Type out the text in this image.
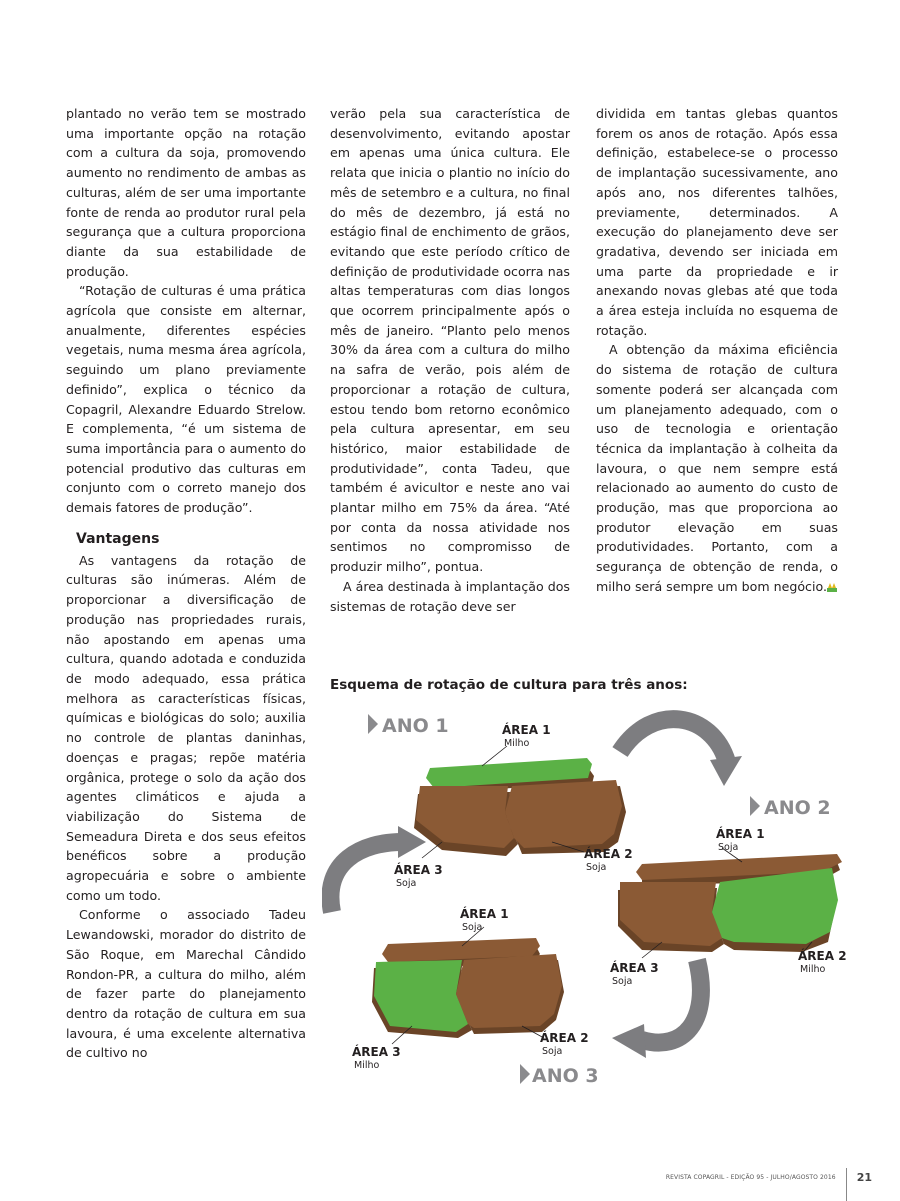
plantado no verão tem se mostrado uma importante opção na rotação com a cultura da soja, promovendo aumento no rendimento de ambas as culturas, além de ser uma importante fonte de renda ao produtor rural pela segurança que a cultura proporciona diante da sua estabilidade de produção.

“Rotação de culturas é uma prática agrícola que consiste em alternar, anualmente, diferentes espécies vegetais, numa mesma área agrícola, seguindo um plano previamente definido”, explica o técnico da Copagril, Alexandre Eduardo Strelow. E complementa, “é um sistema de suma importância para o aumento do potencial produtivo das culturas em conjunto com o correto manejo dos demais fatores de produção”.

Vantagens

As vantagens da rotação de culturas são inúmeras. Além de proporcionar a diversificação de produção nas propriedades rurais, não apostando em apenas uma cultura, quando adotada e conduzida de modo adequado, essa prática melhora as características físicas, químicas e biológicas do solo; auxilia no controle de plantas daninhas, doenças e pragas; repõe matéria orgânica, protege o solo da ação dos agentes climáticos e ajuda a viabilização do Sistema de Semeadura Direta e dos seus efeitos benéficos sobre a produção agropecuária e sobre o ambiente como um todo.

Conforme o associado Tadeu Lewandowski, morador do distrito de São Roque, em Marechal Cândido Rondon-PR, a cultura do milho, além de fazer parte do planejamento dentro da rotação de cultura em sua lavoura, é uma excelente alternativa de cultivo no

verão pela sua característica de desenvolvimento, evitando apostar em apenas uma única cultura. Ele relata que inicia o plantio no início do mês de setembro e a cultura, no final do mês de dezembro, já está no estágio final de enchimento de grãos, evitando que este período crítico de definição de produtividade ocorra nas altas temperaturas com dias longos que ocorrem principalmente após o mês de janeiro. “Planto pelo menos 30% da área com a cultura do milho na safra de verão, pois além de proporcionar a rotação de cultura, estou tendo bom retorno econômico pela cultura apresentar, em seu histórico, maior estabilidade de produtividade”, conta Tadeu, que também é avicultor e neste ano vai plantar milho em 75% da área. “Até por conta da nossa atividade nos sentimos no compromisso de produzir milho”, pontua.

A área destinada à implantação dos sistemas de rotação deve ser

dividida em tantas glebas quantos forem os anos de rotação. Após essa definição, estabelece-se o processo de implantação sucessivamente, ano após ano, nos diferentes talhões, previamente, determinados. A execução do planejamento deve ser gradativa, devendo ser iniciada em uma parte da propriedade e ir anexando novas glebas até que toda a área esteja incluída no esquema de rotação.

A obtenção da máxima eficiência do sistema de rotação de cultura somente poderá ser alcançada com um planejamento adequado, com o uso de tecnologia e orientação técnica da implantação à colheita da lavoura, o que nem sempre está relacionado ao aumento do custo de produção, mas que proporciona ao produtor elevação em suas produtividades. Portanto, com a segurança de obtenção de renda, o milho será sempre um bom negócio.

Esquema de rotação de cultura para três anos:
ANO 1
ANO 2
ANO 3
ÁREA 1
Milho
ÁREA 2
Soja
ÁREA 3
Soja
ÁREA 1
Soja
ÁREA 2
Milho
ÁREA 3
Soja
ÁREA 1
Soja
ÁREA 2
Soja
ÁREA 3
Milho
REVISTA COPAGRIL - EDIÇÃO 95 - JULHO/AGOSTO 2016 21
